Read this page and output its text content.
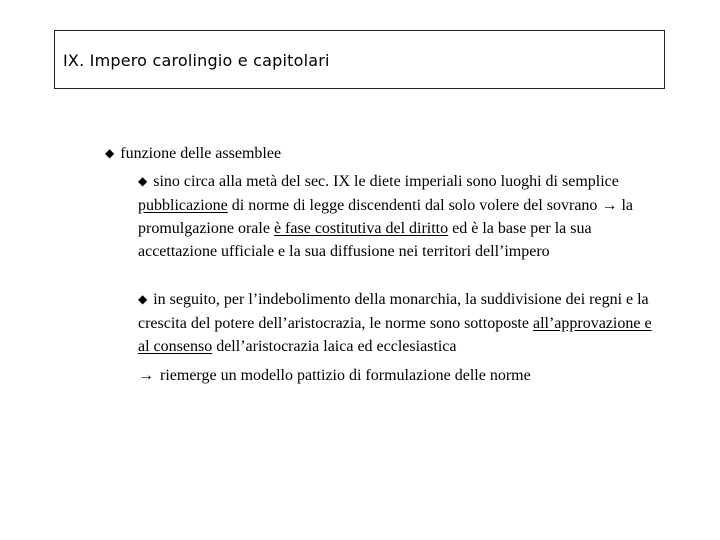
IX. Impero carolingio e capitolari
◆ funzione delle assemblee
◆ sino circa alla metà del sec. IX le diete imperiali sono luoghi di semplice pubblicazione di norme di legge discendenti dal solo volere del sovrano → la promulgazione orale è fase costitutiva del diritto ed è la base per la sua accettazione ufficiale e la sua diffusione nei territori dell’impero
◆ in seguito, per l’indebolimento della monarchia, la suddivisione dei regni e la crescita del potere dell’aristocrazia, le norme sono sottoposte all’approvazione e al consenso dell’aristocrazia laica ed ecclesiastica
→ riemerge un modello pattizio di formulazione delle norme
